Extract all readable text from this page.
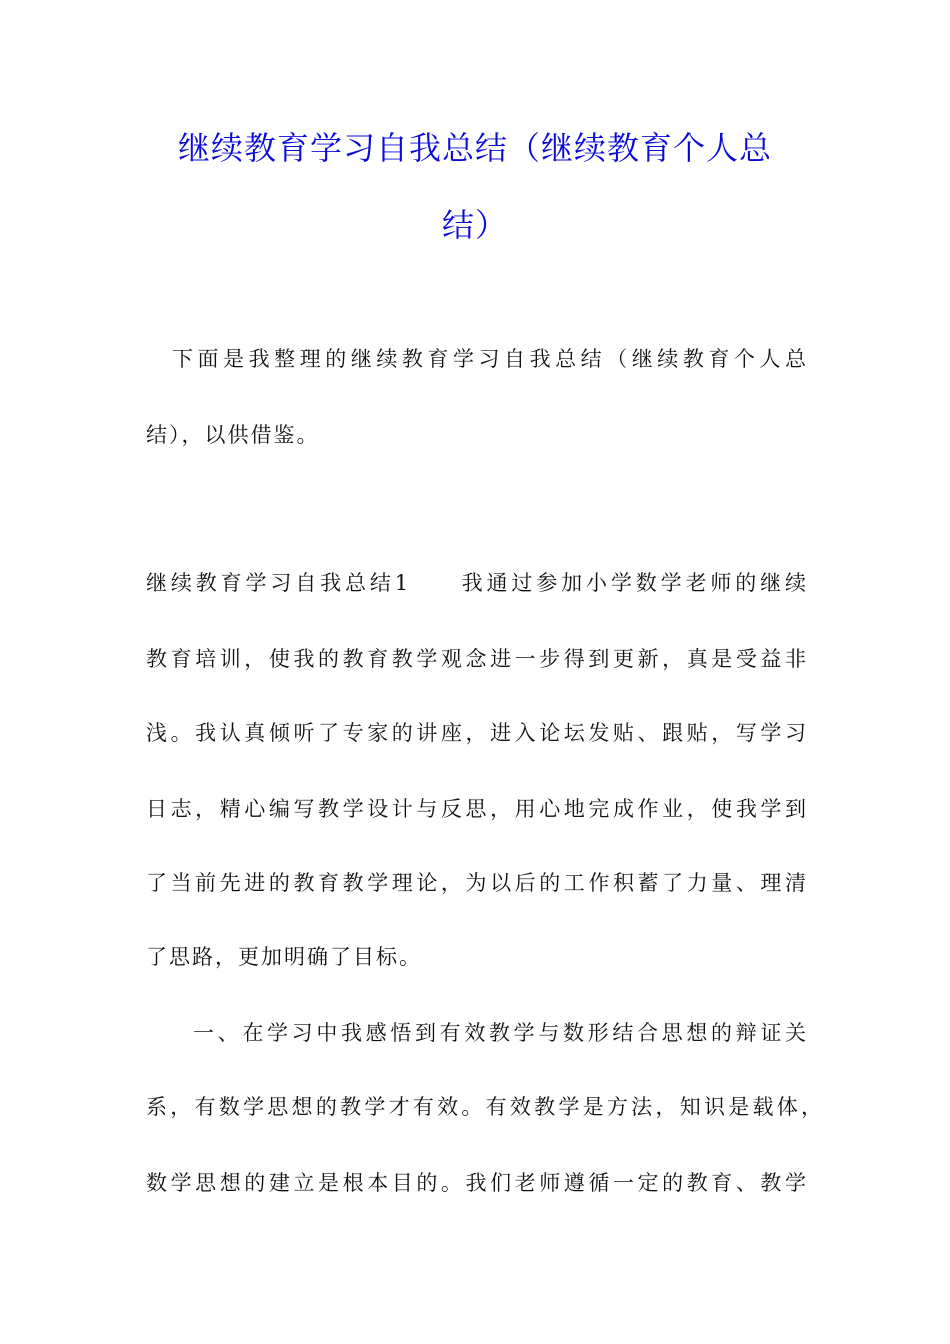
继续教育学习自我总结（继续教育个人总
结）
下面是我整理的继续教育学习自我总结（继续教育个人总
结），以供借鉴。
继续教育学习自我总结1　　我通过参加小学数学老师的继续
教育培训，使我的教育教学观念进一步得到更新，真是受益非
浅。我认真倾听了专家的讲座，进入论坛发贴、跟贴，写学习
日志，精心编写教学设计与反思，用心地完成作业，使我学到
了当前先进的教育教学理论，为以后的工作积蓄了力量、理清
了思路，更加明确了目标。
一、在学习中我感悟到有效教学与数形结合思想的辩证关
系，有数学思想的教学才有效。有效教学是方法，知识是载体，
数学思想的建立是根本目的。我们老师遵循一定的教育、教学
